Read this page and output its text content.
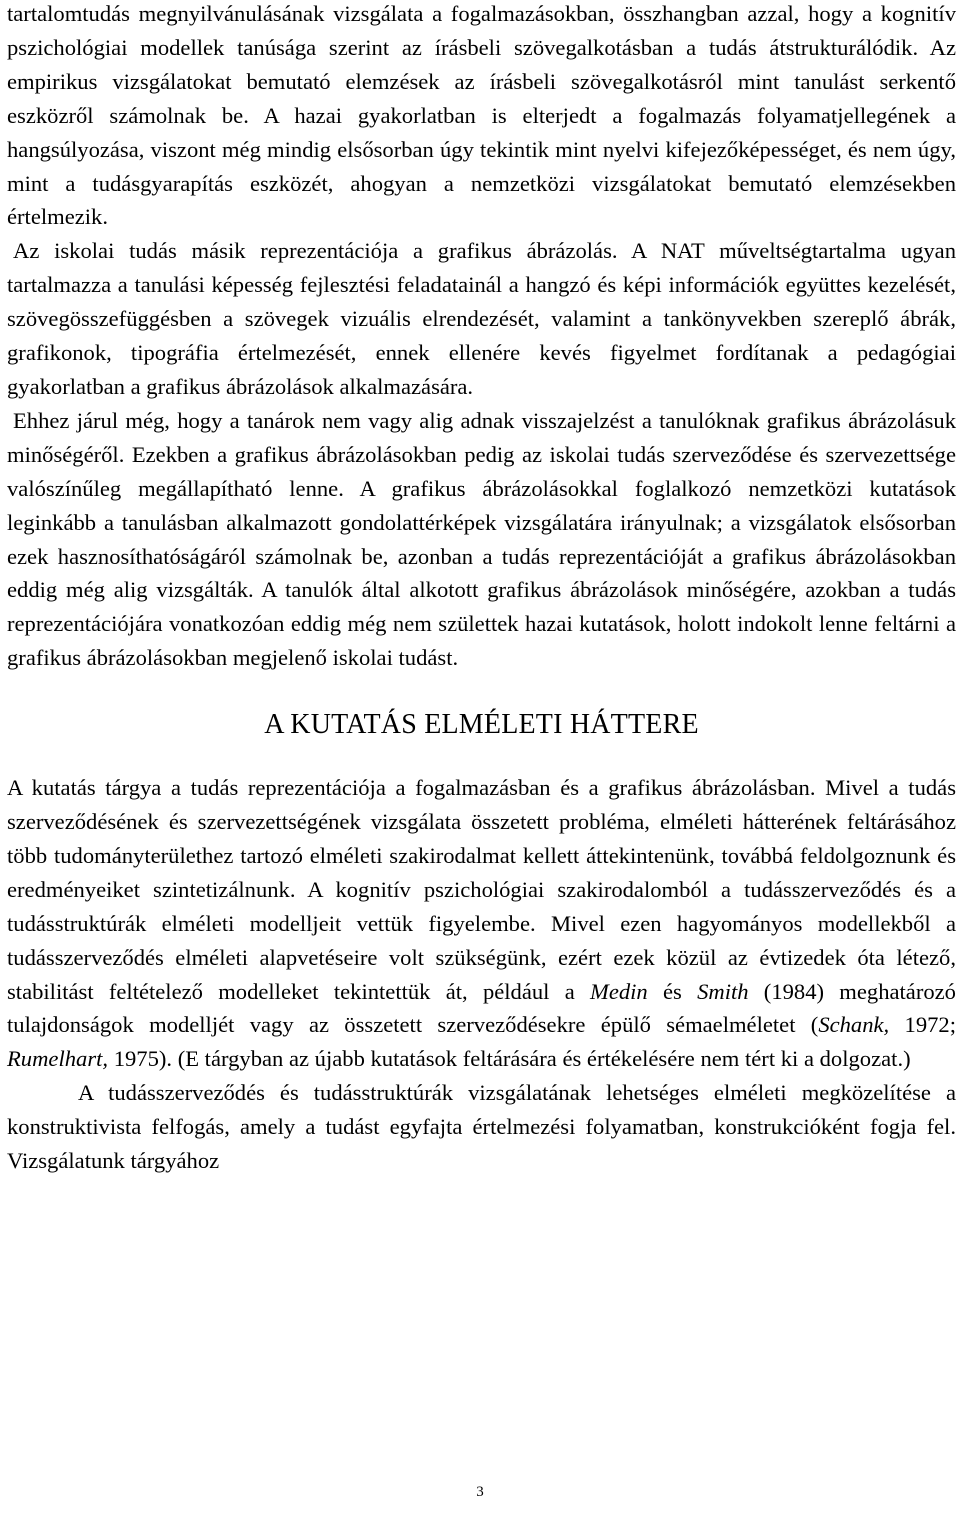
tartalomtudás megnyilvánulásának vizsgálata a fogalmazásokban, összhangban azzal, hogy a kognitív pszichológiai modellek tanúsága szerint az írásbeli szövegalkotásban a tudás átstrukturálódik. Az empirikus vizsgálatokat bemutató elemzések az írásbeli szövegalkotásról mint tanulást serkentő eszközről számolnak be. A hazai gyakorlatban is elterjedt a fogalmazás folyamatjellegének a hangsúlyozása, viszont még mindig elsősorban úgy tekintik mint nyelvi kifejezőképességet, és nem úgy, mint a tudásgyarapítás eszközét, ahogyan a nemzetközi vizsgálatokat bemutató elemzésekben értelmezik.

Az iskolai tudás másik reprezentációja a grafikus ábrázolás. A NAT műveltségtartalma ugyan tartalmazza a tanulási képesség fejlesztési feladatainál a hangzó és képi információk együttes kezelését, szövegösszefüggésben a szövegek vizuális elrendezését, valamint a tankönyvekben szereplő ábrák, grafikonok, tipográfia értelmezését, ennek ellenére kevés figyelmet fordítanak a pedagógiai gyakorlatban a grafikus ábrázolások alkalmazására.

Ehhez járul még, hogy a tanárok nem vagy alig adnak visszajelzést a tanulóknak grafikus ábrázolásuk minőségéről. Ezekben a grafikus ábrázolásokban pedig az iskolai tudás szerveződése és szervezettsége valószínűleg megállapítható lenne. A grafikus ábrázolásokkal foglalkozó nemzetközi kutatások leginkább a tanulásban alkalmazott gondolattérképek vizsgálatára irányulnak; a vizsgálatok elsősorban ezek hasznosíthatóságáról számolnak be, azonban a tudás reprezentációját a grafikus ábrázolásokban eddig még alig vizsgálták. A tanulók által alkotott grafikus ábrázolások minőségére, azokban a tudás reprezentációjára vonatkozóan eddig még nem születtek hazai kutatások, holott indokolt lenne feltárni a grafikus ábrázolásokban megjelenő iskolai tudást.

A KUTATÁS ELMÉLETI HÁTTERE

A kutatás tárgya a tudás reprezentációja a fogalmazásban és a grafikus ábrázolásban. Mivel a tudás szerveződésének és szervezettségének vizsgálata összetett probléma, elméleti hátterének feltárásához több tudományterülethez tartozó elméleti szakirodalmat kellett áttekintenünk, továbbá feldolgoznunk és eredményeiket szintetizálnunk. A kognitív pszichológiai szakirodalomból a tudásszerveződés és a tudásstruktúrák elméleti modelljeit vettük figyelembe. Mivel ezen hagyományos modellekből a tudásszerveződés elméleti alapvetéseire volt szükségünk, ezért ezek közül az évtizedek óta létező, stabilitást feltételező modelleket tekintettük át, például a Medin és Smith (1984) meghatározó tulajdonságok modelljét vagy az összetett szerveződésekre épülő sémaelméletet (Schank, 1972; Rumelhart, 1975). (E tárgyban az újabb kutatások feltárására és értékelésére nem tért ki a dolgozat.)

A tudásszerveződés és tudásstruktúrák vizsgálatának lehetséges elméleti megközelítése a konstruktivista felfogás, amely a tudást egyfajta értelmezési folyamatban, konstrukcióként fogja fel. Vizsgálatunk tárgyához

3
